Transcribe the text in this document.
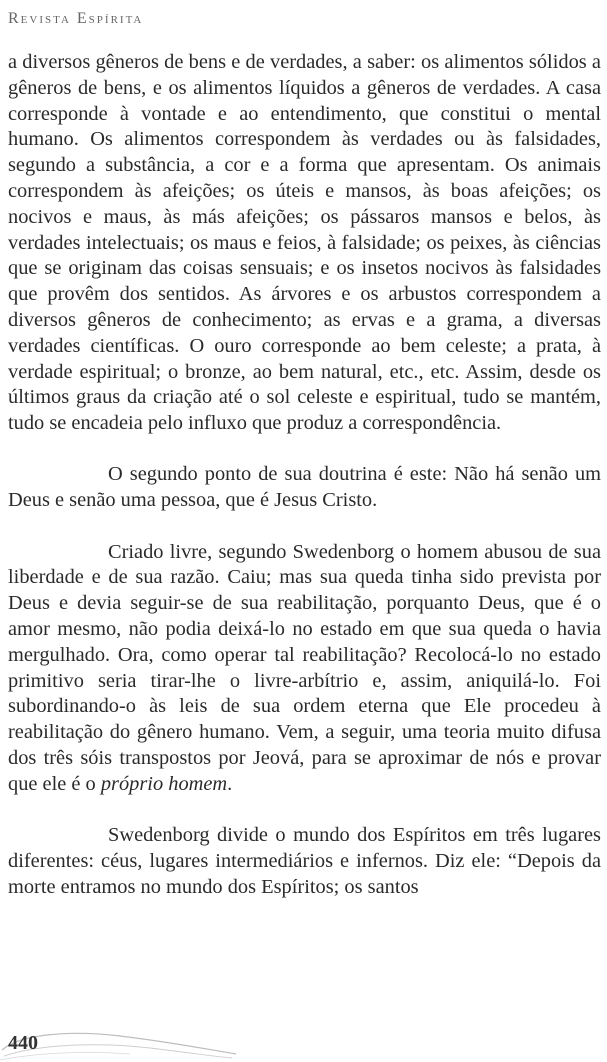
Revista Espírita

a diversos gêneros de bens e de verdades, a saber: os alimentos sólidos a gêneros de bens, e os alimentos líquidos a gêneros de verdades. A casa corresponde à vontade e ao entendimento, que constitui o mental humano. Os alimentos correspondem às verdades ou às falsidades, segundo a substância, a cor e a forma que apresentam. Os animais correspondem às afeições; os úteis e mansos, às boas afeições; os nocivos e maus, às más afeições; os pássaros mansos e belos, às verdades intelectuais; os maus e feios, à falsidade; os peixes, às ciências que se originam das coisas sensuais; e os insetos nocivos às falsidades que provêm dos sentidos. As árvores e os arbustos correspondem a diversos gêneros de conhecimento; as ervas e a grama, a diversas verdades científicas. O ouro corresponde ao bem celeste; a prata, à verdade espiritual; o bronze, ao bem natural, etc., etc. Assim, desde os últimos graus da criação até o sol celeste e espiritual, tudo se mantém, tudo se encadeia pelo influxo que produz a correspondência.

O segundo ponto de sua doutrina é este: Não há senão um Deus e senão uma pessoa, que é Jesus Cristo.

Criado livre, segundo Swedenborg o homem abusou de sua liberdade e de sua razão. Caiu; mas sua queda tinha sido prevista por Deus e devia seguir-se de sua reabilitação, porquanto Deus, que é o amor mesmo, não podia deixá-lo no estado em que sua queda o havia mergulhado. Ora, como operar tal reabilitação? Recolocá-lo no estado primitivo seria tirar-lhe o livre-arbítrio e, assim, aniquilá-lo. Foi subordinando-o às leis de sua ordem eterna que Ele procedeu à reabilitação do gênero humano. Vem, a seguir, uma teoria muito difusa dos três sóis transpostos por Jeová, para se aproximar de nós e provar que ele é o próprio homem.

Swedenborg divide o mundo dos Espíritos em três lugares diferentes: céus, lugares intermediários e infernos. Diz ele: “Depois da morte entramos no mundo dos Espíritos; os santos

440
